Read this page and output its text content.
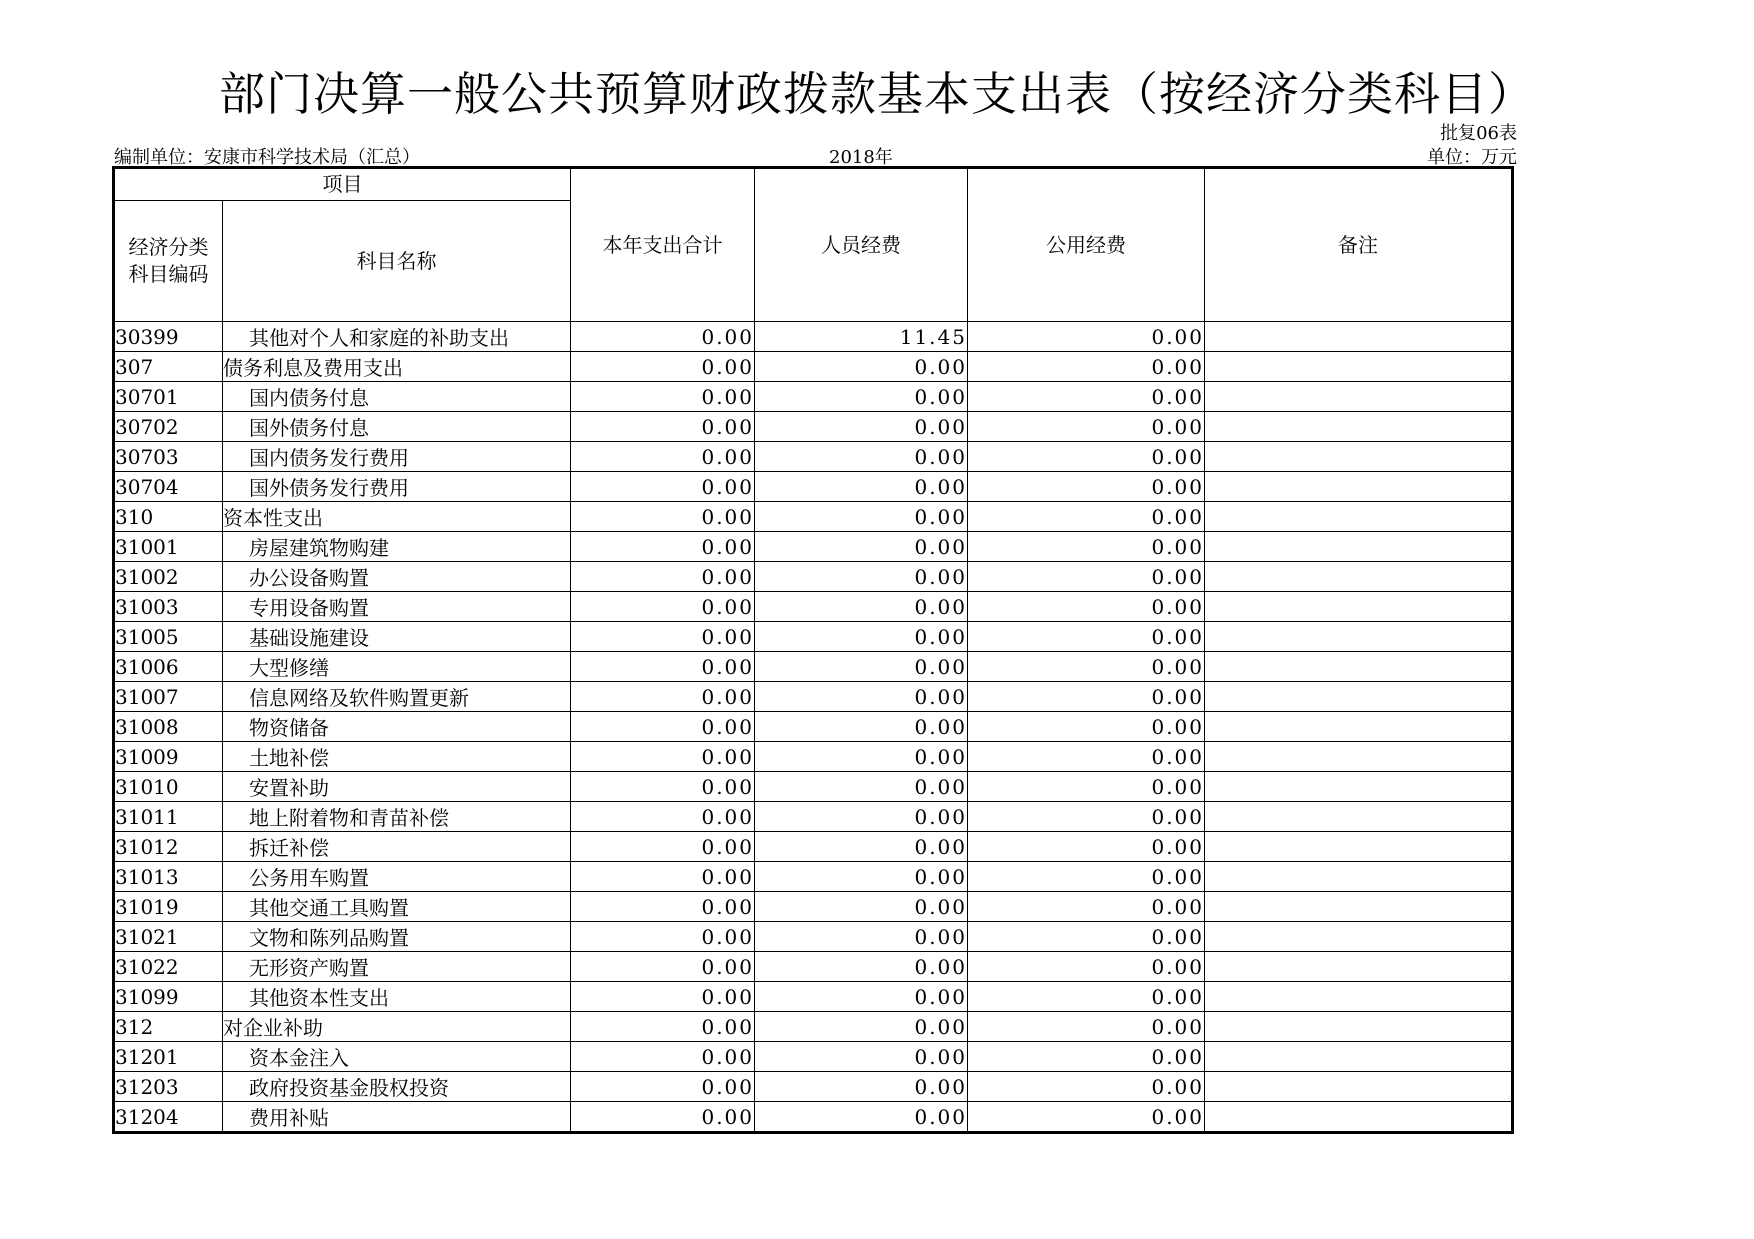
部门决算一般公共预算财政拨款基本支出表（按经济分类科目）
批复06表
编制单位：安康市科学技术局（汇总）	2018年	单位：万元
项目		本年支出合计	人员经费	公用经费	备注
经济分类科目编码	科目名称				
30399	其他对个人和家庭的补助支出	0.00	11.45	0.00	
307	债务利息及费用支出	0.00	0.00	0.00	
30701	国内债务付息	0.00	0.00	0.00	
30702	国外债务付息	0.00	0.00	0.00	
30703	国内债务发行费用	0.00	0.00	0.00	
30704	国外债务发行费用	0.00	0.00	0.00	
310	资本性支出	0.00	0.00	0.00	
31001	房屋建筑物购建	0.00	0.00	0.00	
31002	办公设备购置	0.00	0.00	0.00	
31003	专用设备购置	0.00	0.00	0.00	
31005	基础设施建设	0.00	0.00	0.00	
31006	大型修缮	0.00	0.00	0.00	
31007	信息网络及软件购置更新	0.00	0.00	0.00	
31008	物资储备	0.00	0.00	0.00	
31009	土地补偿	0.00	0.00	0.00	
31010	安置补助	0.00	0.00	0.00	
31011	地上附着物和青苗补偿	0.00	0.00	0.00	
31012	拆迁补偿	0.00	0.00	0.00	
31013	公务用车购置	0.00	0.00	0.00	
31019	其他交通工具购置	0.00	0.00	0.00	
31021	文物和陈列品购置	0.00	0.00	0.00	
31022	无形资产购置	0.00	0.00	0.00	
31099	其他资本性支出	0.00	0.00	0.00	
312	对企业补助	0.00	0.00	0.00	
31201	资本金注入	0.00	0.00	0.00	
31203	政府投资基金股权投资	0.00	0.00	0.00	
31204	费用补贴	0.00	0.00	0.00	
